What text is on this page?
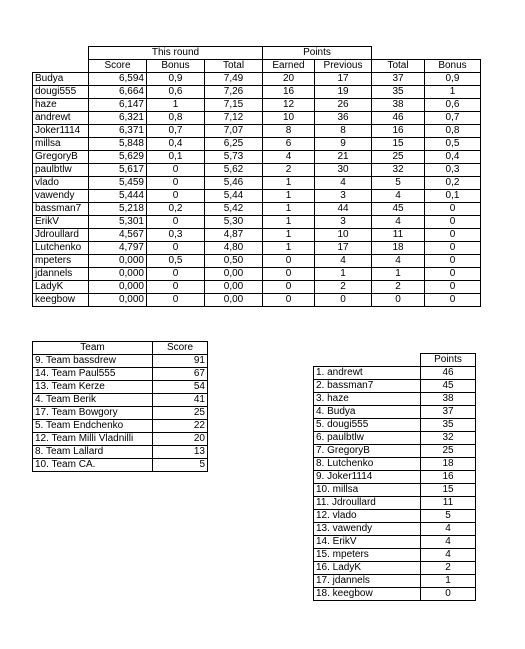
	This round			Points			
	Score	Bonus	Total	Earned	Previous	Total	Bonus
Budya	6,594	0,9	7,49	20	17	37	0,9
dougi555	6,664	0,6	7,26	16	19	35	1
haze	6,147	1	7,15	12	26	38	0,6
andrewt	6,321	0,8	7,12	10	36	46	0,7
Joker1114	6,371	0,7	7,07	8	8	16	0,8
millsa	5,848	0,4	6,25	6	9	15	0,5
GregoryB	5,629	0,1	5,73	4	21	25	0,4
paulbtlw	5,617	0	5,62	2	30	32	0,3
vlado	5,459	0	5,46	1	4	5	0,2
vawendy	5,444	0	5,44	1	3	4	0,1
bassman7	5,218	0,2	5,42	1	44	45	0
ErikV	5,301	0	5,30	1	3	4	0
Jdroullard	4,567	0,3	4,87	1	10	11	0
Lutchenko	4,797	0	4,80	1	17	18	0
mpeters	0,000	0,5	0,50	0	4	4	0
jdannels	0,000	0	0,00	0	1	1	0
LadyK	0,000	0	0,00	0	2	2	0
keegbow	0,000	0	0,00	0	0	0	0
Team	Score
9. Team bassdrew	91
14. Team Paul555	67
13. Team Kerze	54
4. Team Berik	41
17. Team Bowgory	25
5. Team Endchenko	22
12. Team Milli Vladnilli	20
8. Team Lallard	13
10. Team CA.	5
	Points
1. andrewt	46
2. bassman7	45
3. haze	38
4. Budya	37
5. dougi555	35
6. paulbtlw	32
7. GregoryB	25
8. Lutchenko	18
9. Joker1114	16
10. millsa	15
11. Jdroullard	11
12. vlado	5
13. vawendy	4
14. ErikV	4
15. mpeters	4
16. LadyK	2
17. jdannels	1
18. keegbow	0
